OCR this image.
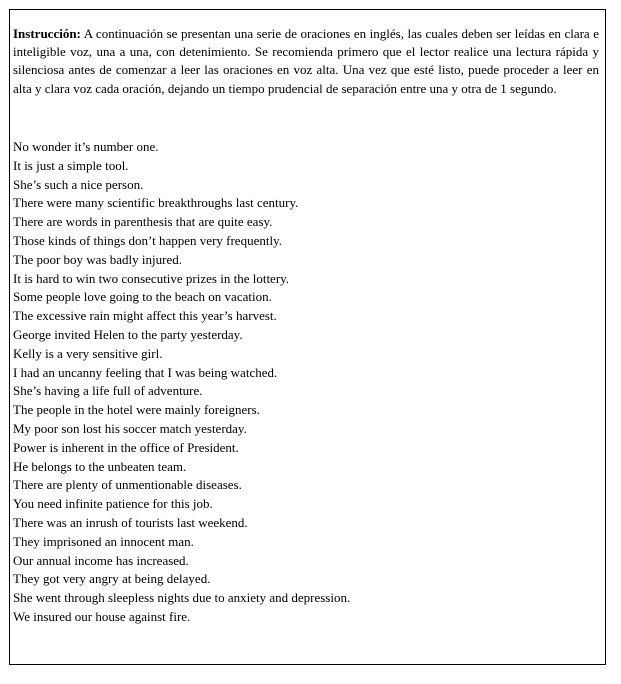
Instrucción: A continuación se presentan una serie de oraciones en inglés, las cuales deben ser leídas en clara e inteligible voz, una a una, con detenimiento. Se recomienda primero que el lector realice una lectura rápida y silenciosa antes de comenzar a leer las oraciones en voz alta. Una vez que esté listo, puede proceder a leer en alta y clara voz cada oración, dejando un tiempo prudencial de separación entre una y otra de 1 segundo.

No wonder it’s number one.
It is just a simple tool.
She’s such a nice person.
There were many scientific breakthroughs last century.
There are words in parenthesis that are quite easy.
Those kinds of things don’t happen very frequently.
The poor boy was badly injured.
It is hard to win two consecutive prizes in the lottery.
Some people love going to the beach on vacation.
The excessive rain might affect this year’s harvest.
George invited Helen to the party yesterday.
Kelly is a very sensitive girl.
I had an uncanny feeling that I was being watched.
She’s having a life full of adventure.
The people in the hotel were mainly foreigners.
My poor son lost his soccer match yesterday.
Power is inherent in the office of President.
He belongs to the unbeaten team.
There are plenty of unmentionable diseases.
You need infinite patience for this job.
There was an inrush of tourists last weekend.
They imprisoned an innocent man.
Our annual income has increased.
They got very angry at being delayed.
She went through sleepless nights due to anxiety and depression.
We insured our house against fire.
